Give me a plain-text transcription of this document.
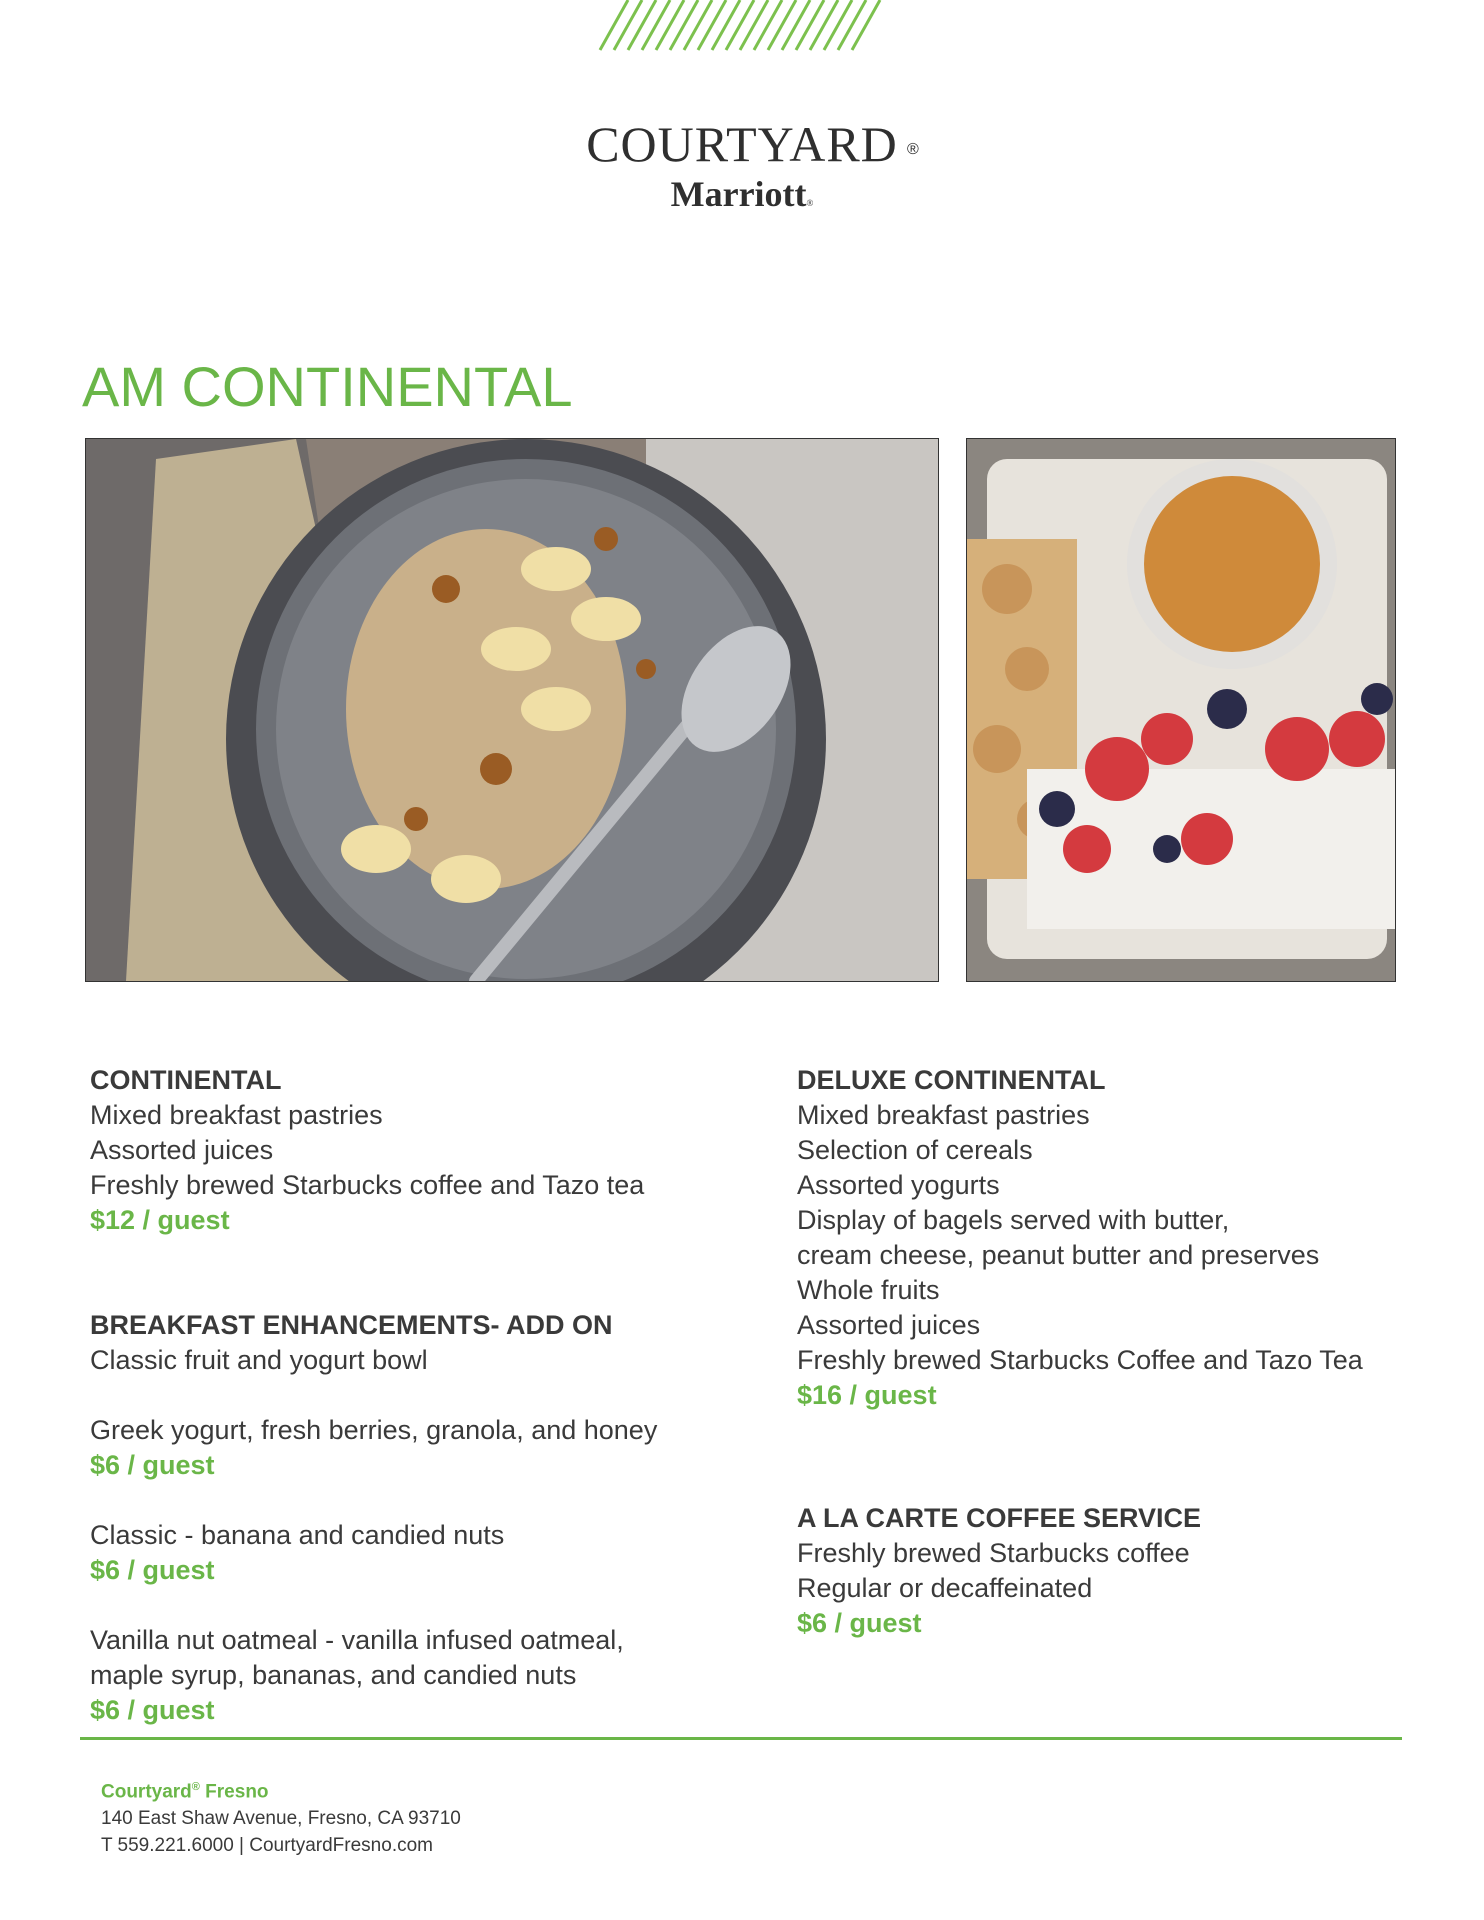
COURTYARD ®
Marriott®
AM CONTINENTAL
CONTINENTAL
Mixed breakfast pastries
Assorted juices
Freshly brewed Starbucks coffee and Tazo tea
$12 / guest
BREAKFAST ENHANCEMENTS- ADD ON
Classic fruit and yogurt bowl
Greek yogurt, fresh berries, granola, and honey
$6 / guest
Classic - banana and candied nuts
$6 / guest
Vanilla nut oatmeal - vanilla infused oatmeal,
maple syrup, bananas, and candied nuts
$6 / guest
DELUXE CONTINENTAL
Mixed breakfast pastries
Selection of cereals
Assorted yogurts
Display of bagels served with butter,
cream cheese, peanut butter and preserves
Whole fruits
Assorted juices
Freshly brewed Starbucks Coffee and Tazo Tea
$16 / guest
A LA CARTE COFFEE SERVICE
Freshly brewed Starbucks coffee
Regular or decaffeinated
$6 / guest
Courtyard® Fresno
140 East Shaw Avenue, Fresno, CA 93710
T 559.221.6000 | CourtyardFresno.com
